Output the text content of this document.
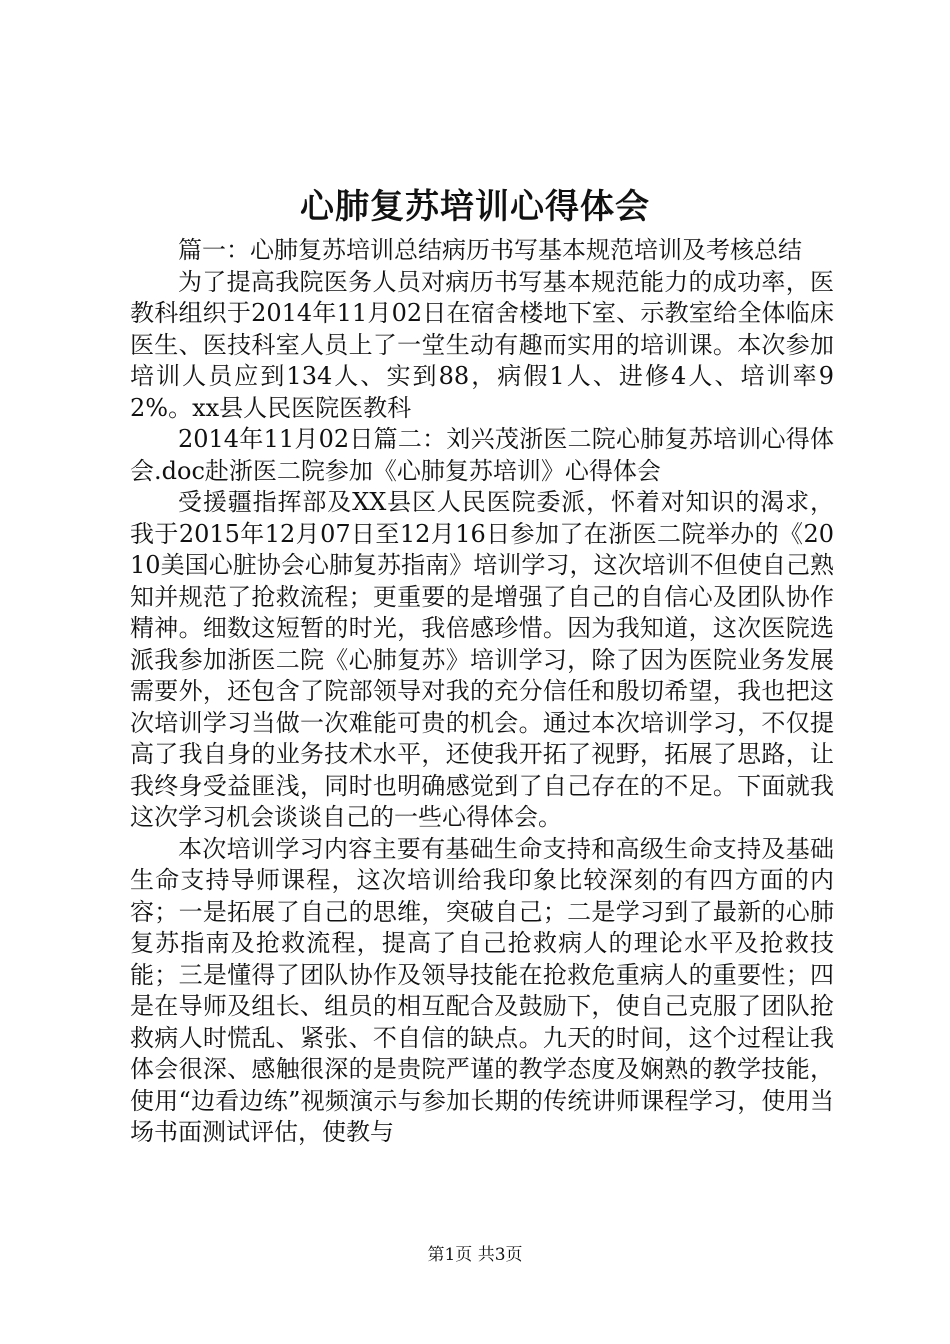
心肺复苏培训心得体会

篇一：心肺复苏培训总结病历书写基本规范培训及考核总结

为了提高我院医务人员对病历书写基本规范能力的成功率，医教科组织于2014年11月02日在宿舍楼地下室、示教室给全体临床医生、医技科室人员上了一堂生动有趣而实用的培训课。本次参加培训人员应到134人、实到88，病假1人、进修4人、培训率92%。xx县人民医院医教科

2014年11月02日篇二：刘兴茂浙医二院心肺复苏培训心得体会.doc赴浙医二院参加《心肺复苏培训》心得体会

受援疆指挥部及XX县区人民医院委派，怀着对知识的渴求，我于2015年12月07日至12月16日参加了在浙医二院举办的《2010美国心脏协会心肺复苏指南》培训学习，这次培训不但使自己熟知并规范了抢救流程；更重要的是增强了自己的自信心及团队协作精神。细数这短暂的时光，我倍感珍惜。因为我知道，这次医院选派我参加浙医二院《心肺复苏》培训学习，除了因为医院业务发展需要外，还包含了院部领导对我的充分信任和殷切希望，我也把这次培训学习当做一次难能可贵的机会。通过本次培训学习，不仅提高了我自身的业务技术水平，还使我开拓了视野，拓展了思路，让我终身受益匪浅，同时也明确感觉到了自己存在的不足。下面就我这次学习机会谈谈自己的一些心得体会。

本次培训学习内容主要有基础生命支持和高级生命支持及基础生命支持导师课程，这次培训给我印象比较深刻的有四方面的内容；一是拓展了自己的思维，突破自己；二是学习到了最新的心肺复苏指南及抢救流程，提高了自己抢救病人的理论水平及抢救技能；三是懂得了团队协作及领导技能在抢救危重病人的重要性；四是在导师及组长、组员的相互配合及鼓励下，使自己克服了团队抢救病人时慌乱、紧张、不自信的缺点。九天的时间，这个过程让我体会很深、感触很深的是贵院严谨的教学态度及娴熟的教学技能，使用“边看边练”视频演示与参加长期的传统讲师课程学习，使用当场书面测试评估，使教与

第1页 共3页
